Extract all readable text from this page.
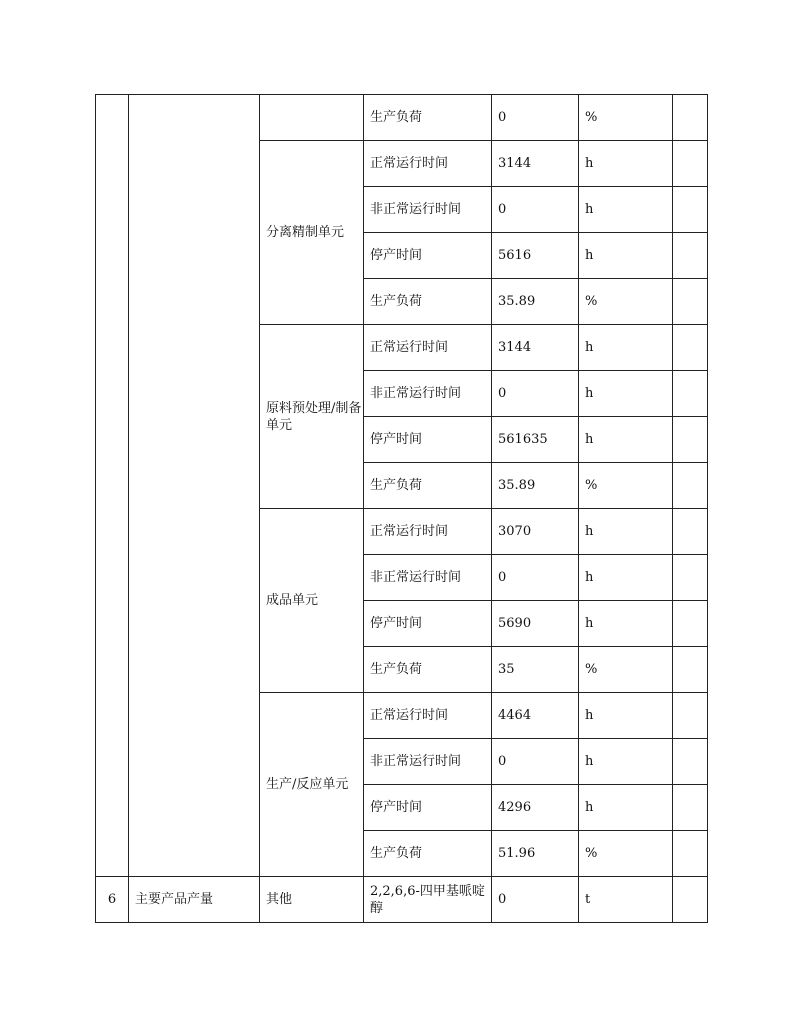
			生产负荷	0	%	
		分离精制单元	正常运行时间	3144	h	
			非正常运行时间	0	h	
			停产时间	5616	h	
			生产负荷	35.89	%	
		原料预处理/制备单元	正常运行时间	3144	h	
			非正常运行时间	0	h	
			停产时间	561635	h	
			生产负荷	35.89	%	
		成品单元	正常运行时间	3070	h	
			非正常运行时间	0	h	
			停产时间	5690	h	
			生产负荷	35	%	
		生产/反应单元	正常运行时间	4464	h	
			非正常运行时间	0	h	
			停产时间	4296	h	
			生产负荷	51.96	%	
6	主要产品产量	其他	2,2,6,6-四甲基哌啶醇	0	t	
